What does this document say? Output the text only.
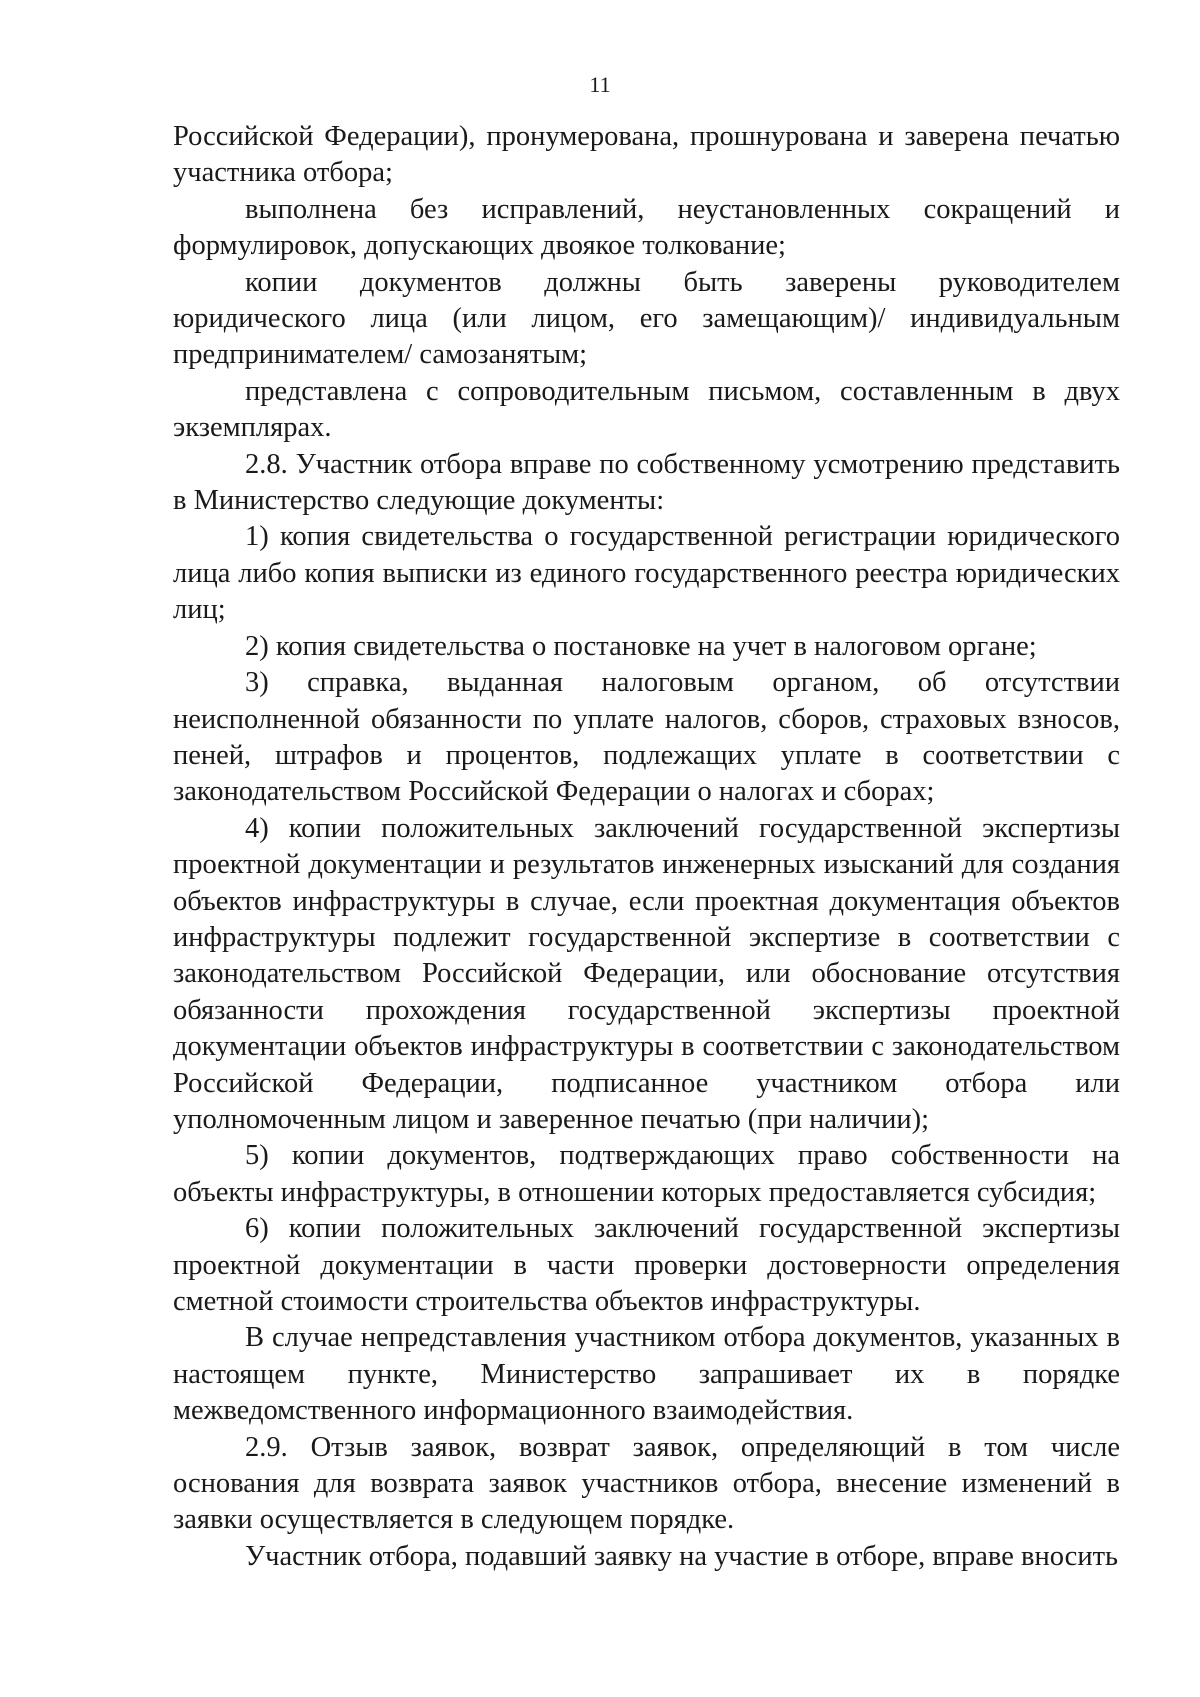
11

Российской Федерации), пронумерована, прошнурована и заверена печатью участника отбора;

выполнена без исправлений, неустановленных сокращений и формулировок, допускающих двоякое толкование;

копии документов должны быть заверены руководителем юридического лица (или лицом, его замещающим)/ индивидуальным предпринимателем/ самозанятым;

представлена с сопроводительным письмом, составленным в двух экземплярах.

2.8. Участник отбора вправе по собственному усмотрению представить в Министерство следующие документы:

1) копия свидетельства о государственной регистрации юридического лица либо копия выписки из единого государственного реестра юридических лиц;

2) копия свидетельства о постановке на учет в налоговом органе;

3) справка, выданная налоговым органом, об отсутствии неисполненной обязанности по уплате налогов, сборов, страховых взносов, пеней, штрафов и процентов, подлежащих уплате в соответствии с законодательством Российской Федерации о налогах и сборах;

4) копии положительных заключений государственной экспертизы проектной документации и результатов инженерных изысканий для создания объектов инфраструктуры в случае, если проектная документация объектов инфраструктуры подлежит государственной экспертизе в соответствии с законодательством Российской Федерации, или обоснование отсутствия обязанности прохождения государственной экспертизы проектной документации объектов инфраструктуры в соответствии с законодательством Российской Федерации, подписанное участником отбора или уполномоченным лицом и заверенное печатью (при наличии);

5) копии документов, подтверждающих право собственности на объекты инфраструктуры, в отношении которых предоставляется субсидия;

6) копии положительных заключений государственной экспертизы проектной документации в части проверки достоверности определения сметной стоимости строительства объектов инфраструктуры.

В случае непредставления участником отбора документов, указанных в настоящем пункте, Министерство запрашивает их в порядке межведомственного информационного взаимодействия.

2.9. Отзыв заявок, возврат заявок, определяющий в том числе основания для возврата заявок участников отбора, внесение изменений в заявки осуществляется в следующем порядке.

Участник отбора, подавший заявку на участие в отборе, вправе вносить
